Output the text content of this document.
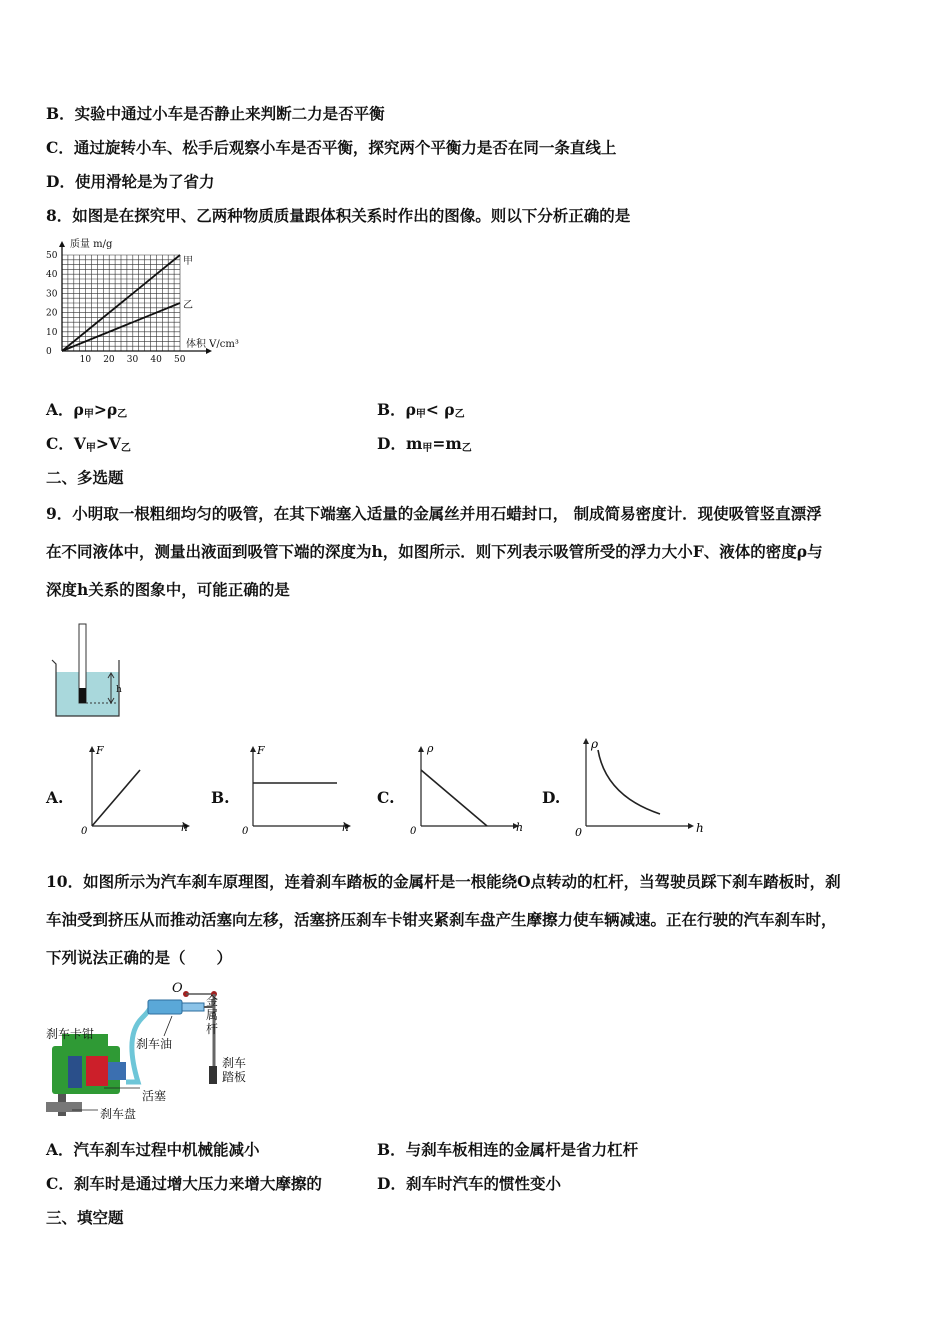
B．实验中通过小车是否静止来判断二力是否平衡
C．通过旋转小车、松手后观察小车是否平衡，探究两个平衡力是否在同一条直线上
D．使用滑轮是为了省力
8．如图是在探究甲、乙两种物质质量跟体积关系时作出的图像。则以下分析正确的是
质量 m/g
体积 V/cm³
甲
乙
10 20 30 40 50
0
10
20
30
40
50
A．$\rho_甲>\rho_乙$	B．$\rho_甲< \rho_乙$
C．$V_甲>V_乙$	D．$m_甲=m_乙$
二、多选题
9．小明取一根粗细均匀的吸管，在其下端塞入适量的金属丝并用石蜡封口， 制成简易密度计．现使吸管竖直漂浮
在不同液体中，测量出液面到吸管下端的深度为h，如图所示．则下列表示吸管所受的浮力大小F、液体的密度ρ与
深度h关系的图象中，可能正确的是
h
A.
F
h
0
B.
F
h
0
C.
ρ
h
0
D.
ρ
h
0
10．如图所示为汽车刹车原理图，连着刹车踏板的金属杆是一根能绕O点转动的杠杆，当驾驶员踩下刹车踏板时，刹
车油受到挤压从而推动活塞向左移，活塞挤压刹车卡钳夹紧刹车盘产生摩擦力使车辆减速。正在行驶的汽车刹车时，
下列说法正确的是（　　）
O
刹车卡钳
刹车油
活塞
刹车盘
金属杆
刹车踏板
A．汽车刹车过程中机械能减小	B．与刹车板相连的金属杆是省力杠杆
C．刹车时是通过增大压力来增大摩擦的	D．刹车时汽车的惯性变小
三、填空题
